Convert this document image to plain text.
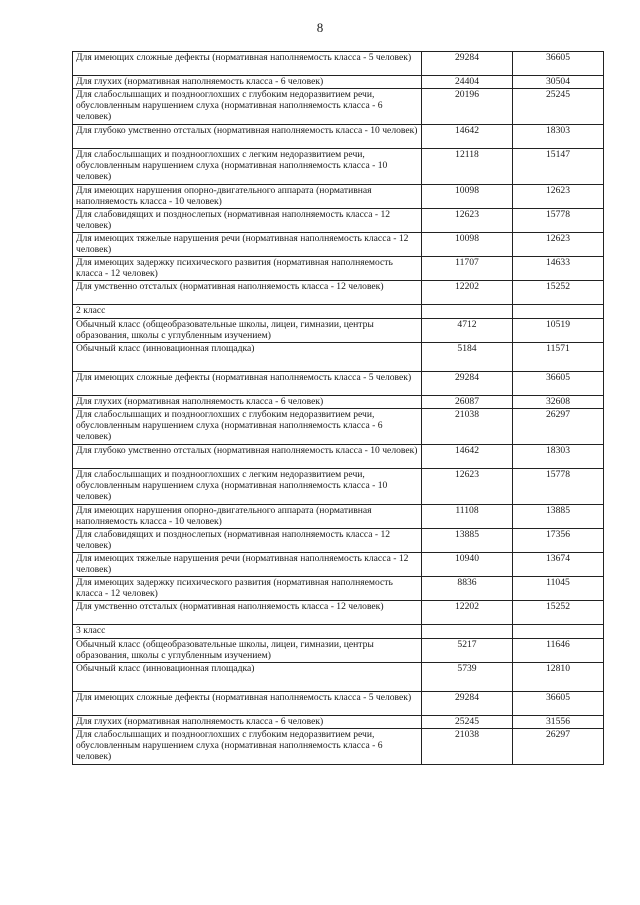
8
Для имеющих сложные дефекты (нормативная наполняемость класса - 5 человек)	29284	36605
Для глухих (нормативная наполняемость класса - 6 человек)	24404	30504
Для слабослышащих и позднооглохших с глубоким недоразвитием речи, обусловленным нарушением слуха (нормативная наполняемость класса - 6 человек)	20196	25245
Для глубоко умственно отсталых (нормативная наполняемость класса - 10 человек)	14642	18303
Для слабослышащих и позднооглохших с легким недоразвитием речи, обусловленным нарушением слуха (нормативная наполняемость класса - 10 человек)	12118	15147
Для имеющих нарушения опорно-двигательного аппарата (нормативная наполняемость класса - 10 человек)	10098	12623
Для слабовидящих и позднослепых (нормативная наполняемость класса - 12 человек)	12623	15778
Для имеющих тяжелые нарушения речи (нормативная наполняемость класса - 12 человек)	10098	12623
Для имеющих задержку психического развития (нормативная наполняемость класса - 12 человек)	11707	14633
Для умственно отсталых (нормативная наполняемость класса - 12 человек)	12202	15252
2 класс		
Обычный класс (общеобразовательные школы, лицеи, гимназии, центры образования, школы с углубленным изучением)	4712	10519
Обычный класс (инновационная площадка)	5184	11571
Для имеющих сложные дефекты (нормативная наполняемость класса - 5 человек)	29284	36605
Для глухих (нормативная наполняемость класса - 6 человек)	26087	32608
Для слабослышащих и позднооглохших с глубоким недоразвитием речи, обусловленным нарушением слуха (нормативная наполняемость класса - 6 человек)	21038	26297
Для глубоко умственно отсталых (нормативная наполняемость класса - 10 человек)	14642	18303
Для слабослышащих и позднооглохших с легким недоразвитием речи, обусловленным нарушением слуха (нормативная наполняемость класса - 10 человек)	12623	15778
Для имеющих нарушения опорно-двигательного аппарата (нормативная наполняемость класса - 10 человек)	11108	13885
Для слабовидящих и позднослепых (нормативная наполняемость класса - 12 человек)	13885	17356
Для имеющих тяжелые нарушения речи (нормативная наполняемость класса - 12 человек)	10940	13674
Для имеющих задержку психического развития (нормативная наполняемость класса - 12 человек)	8836	11045
Для умственно отсталых (нормативная наполняемость класса - 12 человек)	12202	15252
3 класс		
Обычный класс (общеобразовательные школы, лицеи, гимназии, центры образования, школы с углубленным изучением)	5217	11646
Обычный класс (инновационная площадка)	5739	12810
Для имеющих сложные дефекты (нормативная наполняемость класса - 5 человек)	29284	36605
Для глухих (нормативная наполняемость класса - 6 человек)	25245	31556
Для слабослышащих и позднооглохших с глубоким недоразвитием речи, обусловленным нарушением слуха (нормативная наполняемость класса - 6 человек)	21038	26297
